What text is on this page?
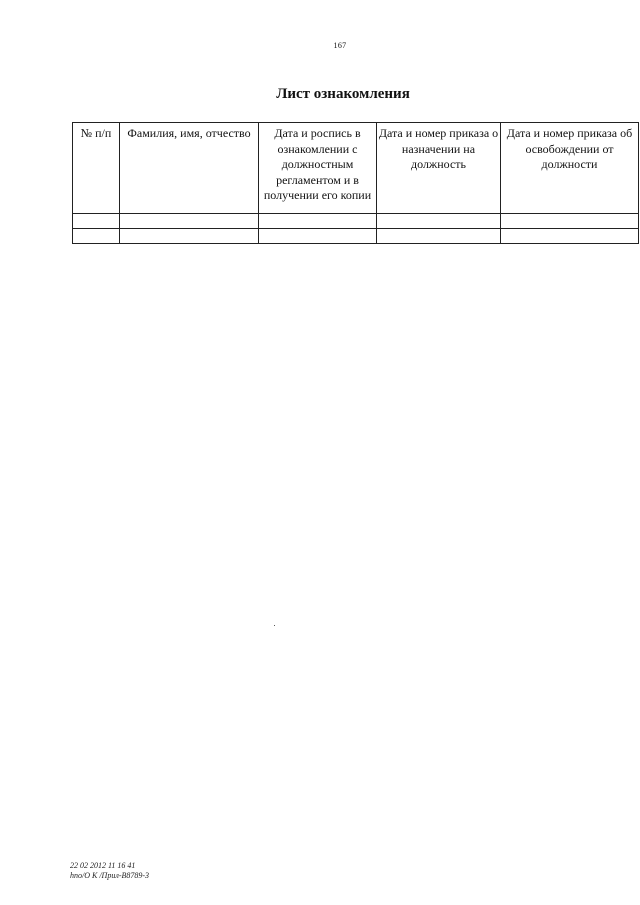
167
Лист ознакомления
№ п/п	Фамилия, имя, отчество	Дата и роспись в ознакомлении с должностным регламентом и в получении его копии	Дата и номер приказа о назначении на должность	Дата и номер приказа об освобождении от должности

22 02 2012 11 16 41
hno/O K /Прил-B8789-3
